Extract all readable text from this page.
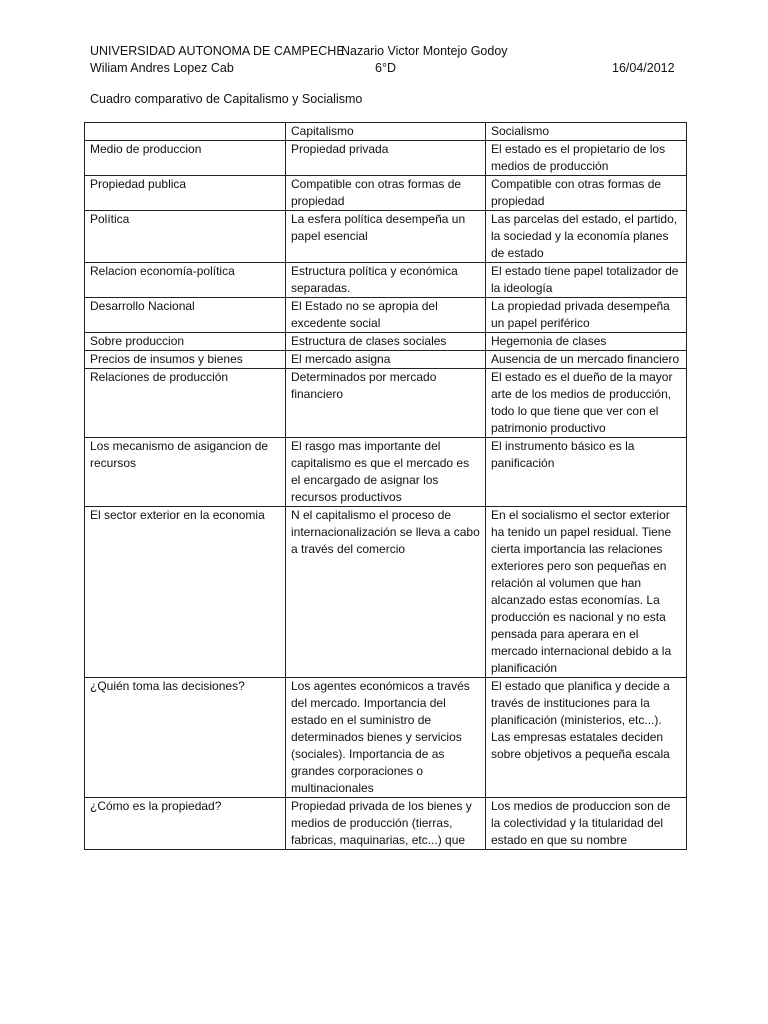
UNIVERSIDAD AUTONOMA DE CAMPECHE
Nazario Victor Montejo Godoy
Wiliam Andres Lopez Cab	6°D	16/04/2012
Cuadro comparativo de Capitalismo y Socialismo
	Capitalismo	Socialismo
Medio de produccion	Propiedad privada	El estado es el propietario de los medios de producción
Propiedad publica	Compatible con otras formas de propiedad	Compatible con otras formas de propiedad
Política	La esfera política desempeña un papel esencial	Las parcelas del estado, el partido, la sociedad y la economía planes de estado
Relacion economía-política	Estructura política y económica separadas.	El estado tiene papel totalizador de la ideología
Desarrollo Nacional	El Estado no se apropia del excedente social	La propiedad privada desempeña un papel periférico
Sobre produccion	Estructura de clases sociales	Hegemonia de clases
Precios de insumos y bienes	El mercado asigna	Ausencia de un mercado financiero
Relaciones de producción	Determinados por mercado financiero	El estado es el dueño de la mayor arte de los medios de producción, todo lo que tiene que ver con el patrimonio productivo
Los mecanismo de asigancion de recursos	El rasgo mas importante del capitalismo es que el mercado es el encargado de asignar los recursos productivos	El instrumento básico es la panificación
El sector exterior en la economia	N el capitalismo el proceso de internacionalización se lleva a cabo a través del comercio	En el socialismo el sector exterior ha tenido un papel residual. Tiene cierta importancia las relaciones exteriores pero son pequeñas en relación al volumen que han alcanzado estas economías. La producción es nacional y no esta pensada para aperara en el mercado internacional debido a la planificación
¿Quién toma las decisiones?	Los agentes económicos a través del mercado. Importancia del estado en el suministro de determinados bienes y servicios (sociales). Importancia de as grandes corporaciones o multinacionales	El estado que planifica y decide a través de instituciones para la planificación (ministerios, etc...). Las empresas estatales deciden sobre objetivos a pequeña escala
¿Cómo es la propiedad?	Propiedad privada de los bienes y medios de producción (tierras, fabricas, maquinarias, etc...) que	Los medios de produccion son de la colectividad y la titularidad del estado en que su nombre
